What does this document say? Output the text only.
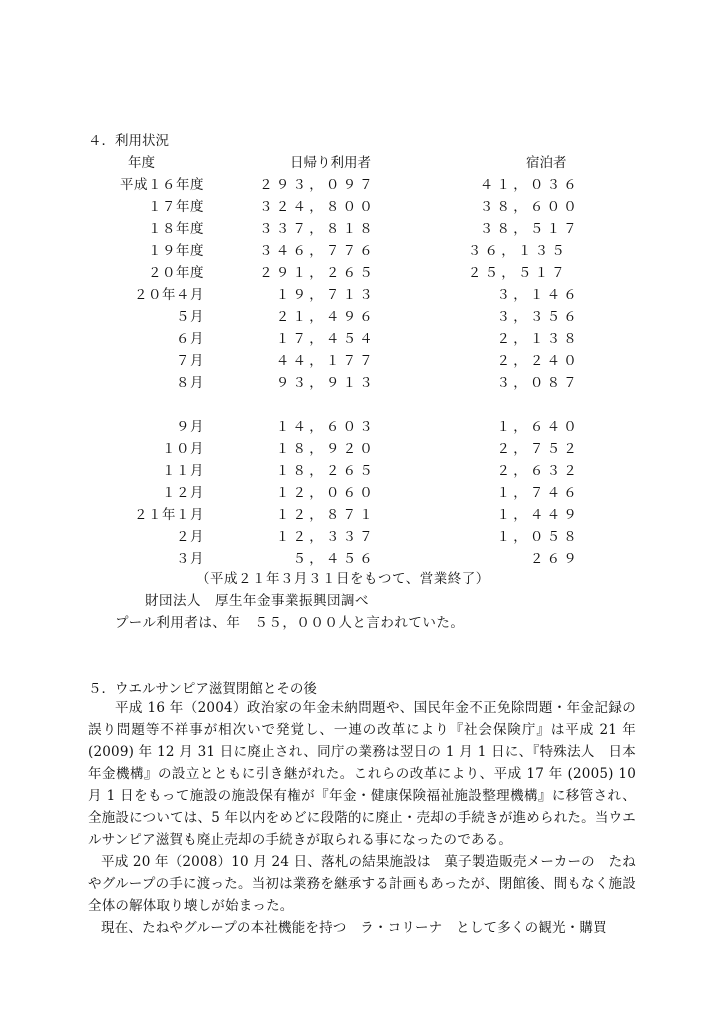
４．利用状況
年度	日帰り利用者	宿泊者
平成１６年度	２９３，０９７	４１，０３６
１７年度	３２４，８００	３８，６００
１８年度	３３７，８１８	３８，５１７
１９年度	３４６，７７６	３６，１３５
２０年度	２９１，２６５	２５，５１７
２０年４月	１９，７１３	３，１４６
５月	２１，４９６	３，３５６
６月	１７，４５４	２，１３８
７月	４４，１７７	２，２４０
８月	９３，９１３	３，０８７
９月	１４，６０３	１，６４０
１０月	１８，９２０	２，７５２
１１月	１８，２６５	２，６３２
１２月	１２，０６０	１，７４６
２１年１月	１２，８７１	１，４４９
２月	１２，３３７	１，０５８
３月	５，４５６	２６９
（平成２１年３月３１日をもつて、営業終了）
財団法人　厚生年金事業振興団調べ
プール利用者は、年　５５，０００人と言われていた。
５．ウエルサンピア滋賀閉館とその後
平成 16 年（2004）政治家の年金未納問題や、国民年金不正免除問題・年金記録の誤り問題等不祥事が相次いで発覚し、一連の改革により『社会保険庁』は平成 21 年 (2009) 年 12 月 31 日に廃止され、同庁の業務は翌日の 1 月 1 日に、『特殊法人　日本年金機構』の設立とともに引き継がれた。これらの改革により、平成 17 年 (2005) 10 月 1 日をもって施設の施設保有権が『年金・健康保険福祉施設整理機構』に移管され、全施設については、5 年以内をめどに段階的に廃止・売却の手続きが進められた。当ウエルサンピア滋賀も廃止売却の手続きが取られる事になったのである。
平成 20 年（2008）10 月 24 日、落札の結果施設は　菓子製造販売メーカーの　たねやグループの手に渡った。当初は業務を継承する計画もあったが、閉館後、間もなく施設全体の解体取り壊しが始まった。
現在、たねやグループの本社機能を持つ　ラ・コリーナ　として多くの観光・購買
